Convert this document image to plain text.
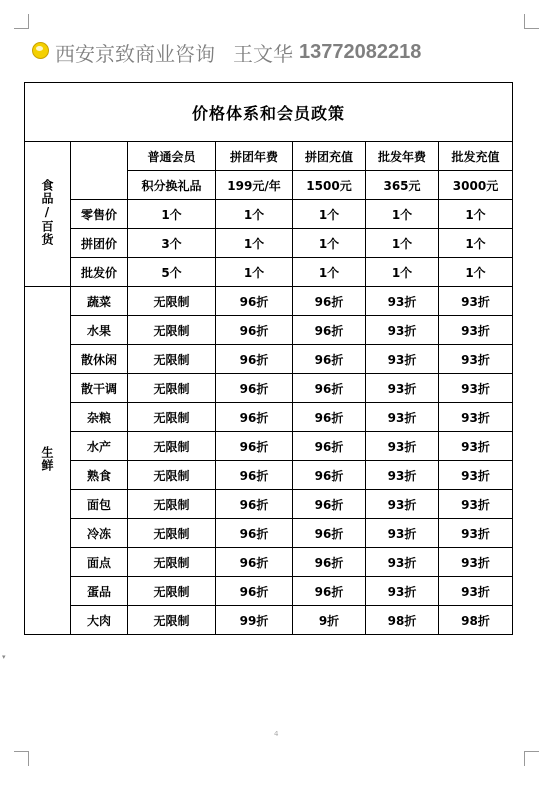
西安京致商业咨询 王文华 13772082218
价格体系和会员政策						
食品/百货		普通会员	拼团年费	拼团充值	批发年费	批发充值
		积分换礼品	199元/年	1500元	365元	3000元
	零售价	1个	1个	1个	1个	1个
	拼团价	3个	1个	1个	1个	1个
	批发价	5个	1个	1个	1个	1个
生鲜	蔬菜	无限制	96折	96折	93折	93折
	水果	无限制	96折	96折	93折	93折
	散休闲	无限制	96折	96折	93折	93折
	散干调	无限制	96折	96折	93折	93折
	杂粮	无限制	96折	96折	93折	93折
	水产	无限制	96折	96折	93折	93折
	熟食	无限制	96折	96折	93折	93折
	面包	无限制	96折	96折	93折	93折
	冷冻	无限制	96折	96折	93折	93折
	面点	无限制	96折	96折	93折	93折
	蛋品	无限制	96折	96折	93折	93折
	大肉	无限制	99折	9折	98折	98折
▾
4
